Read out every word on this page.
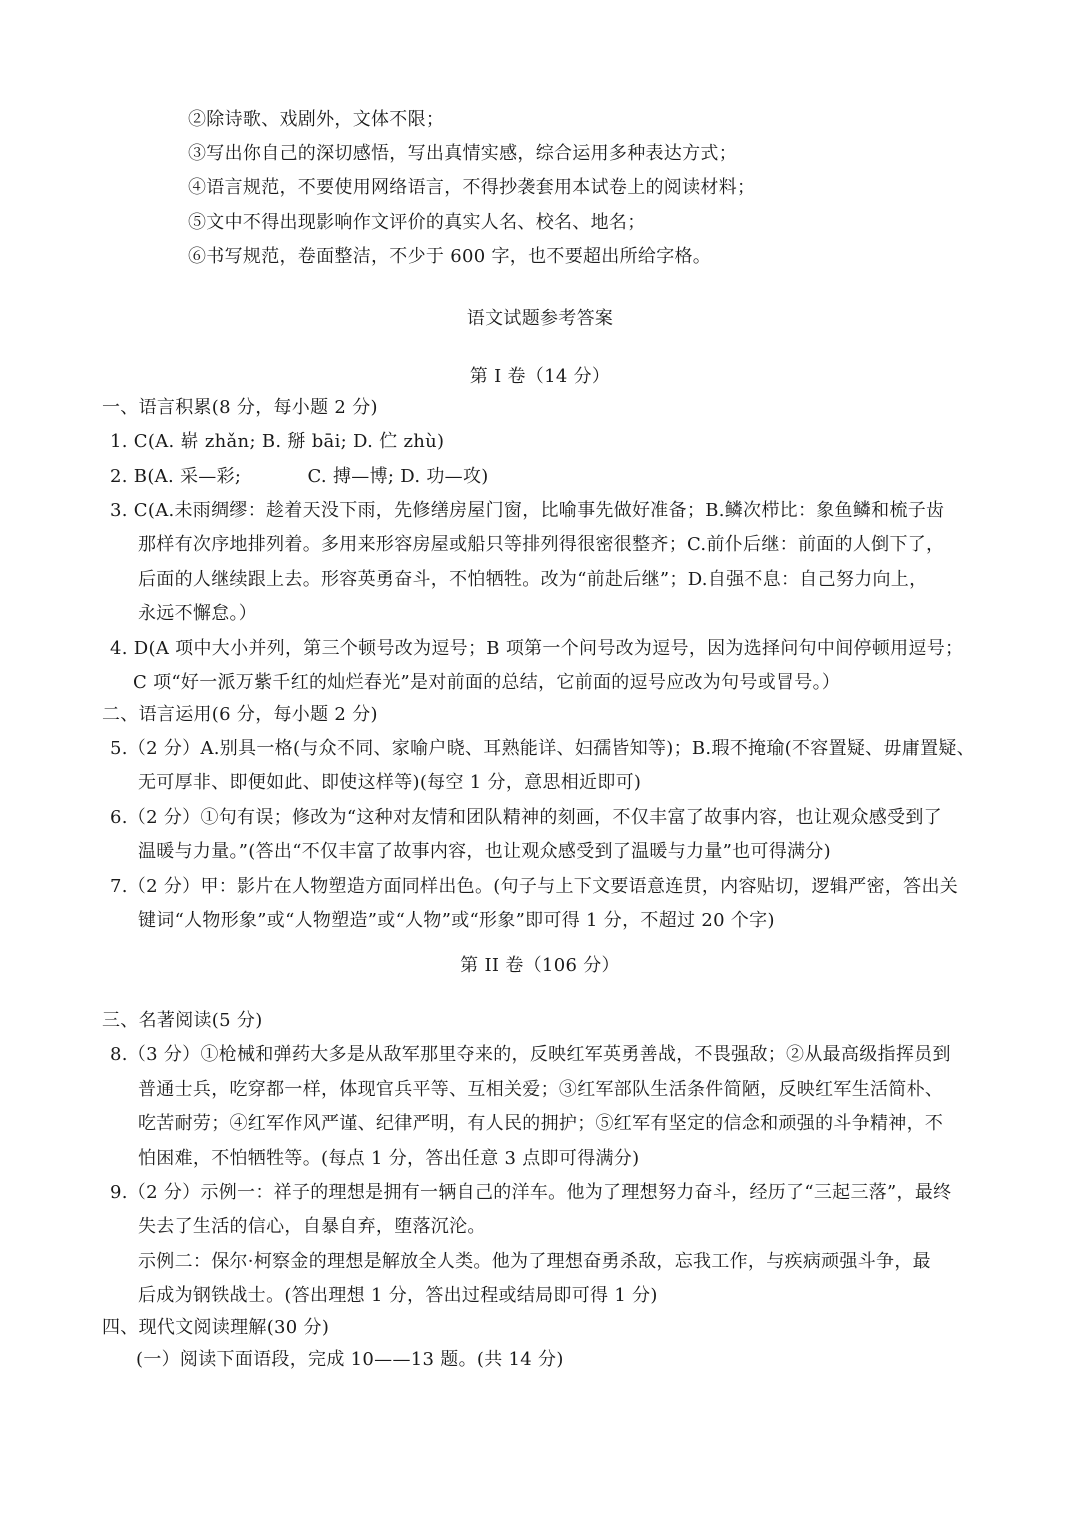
②除诗歌、戏剧外，文体不限；
③写出你自己的深切感悟，写出真情实感，综合运用多种表达方式；
④语言规范，不要使用网络语言，不得抄袭套用本试卷上的阅读材料；
⑤文中不得出现影响作文评价的真实人名、校名、地名；
⑥书写规范，卷面整洁，不少于 600 字，也不要超出所给字格。
语文试题参考答案
第 I 卷（14 分）
一、语言积累(8 分，每小题 2 分)
1. C(A. 崭 zhǎn; B. 掰 bāi; D. 伫 zhù)
2. B(A. 采—彩;           C. 搏—博; D. 功—攻)
3. C(A.未雨绸缪：趁着天没下雨，先修缮房屋门窗，比喻事先做好准备；B.鳞次栉比：象鱼鳞和梳子齿
那样有次序地排列着。多用来形容房屋或船只等排列得很密很整齐；C.前仆后继：前面的人倒下了，
后面的人继续跟上去。形容英勇奋斗，不怕牺牲。改为“前赴后继”；D.自强不息：自己努力向上，
永远不懈怠。）
4. D(A 项中大小并列，第三个顿号改为逗号；B 项第一个问号改为逗号，因为选择问句中间停顿用逗号；
C 项“好一派万紫千红的灿烂春光”是对前面的总结，它前面的逗号应改为句号或冒号。）
二、语言运用(6 分，每小题 2 分)
5.（2 分）A.别具一格(与众不同、家喻户晓、耳熟能详、妇孺皆知等)；B.瑕不掩瑜(不容置疑、毋庸置疑、
无可厚非、即便如此、即使这样等)(每空 1 分，意思相近即可)
6.（2 分）①句有误；修改为“这种对友情和团队精神的刻画，不仅丰富了故事内容，也让观众感受到了
温暖与力量。”(答出“不仅丰富了故事内容，也让观众感受到了温暖与力量”也可得满分)
7.（2 分）甲：影片在人物塑造方面同样出色。(句子与上下文要语意连贯，内容贴切，逻辑严密，答出关
键词“人物形象”或“人物塑造”或“人物”或“形象”即可得 1 分，不超过 20 个字)
第 II 卷（106 分）
三、名著阅读(5 分)
8.（3 分）①枪械和弹药大多是从敌军那里夺来的，反映红军英勇善战，不畏强敌；②从最高级指挥员到
普通士兵，吃穿都一样，体现官兵平等、互相关爱；③红军部队生活条件简陋，反映红军生活简朴、
吃苦耐劳；④红军作风严谨、纪律严明，有人民的拥护；⑤红军有坚定的信念和顽强的斗争精神，不
怕困难，不怕牺牲等。(每点 1 分，答出任意 3 点即可得满分)
9.（2 分）示例一：祥子的理想是拥有一辆自己的洋车。他为了理想努力奋斗，经历了“三起三落”，最终
失去了生活的信心，自暴自弃，堕落沉沦。
示例二：保尔·柯察金的理想是解放全人类。他为了理想奋勇杀敌，忘我工作，与疾病顽强斗争，最
后成为钢铁战士。(答出理想 1 分，答出过程或结局即可得 1 分)
四、现代文阅读理解(30 分)
(一）阅读下面语段，完成 10——13 题。(共 14 分)
